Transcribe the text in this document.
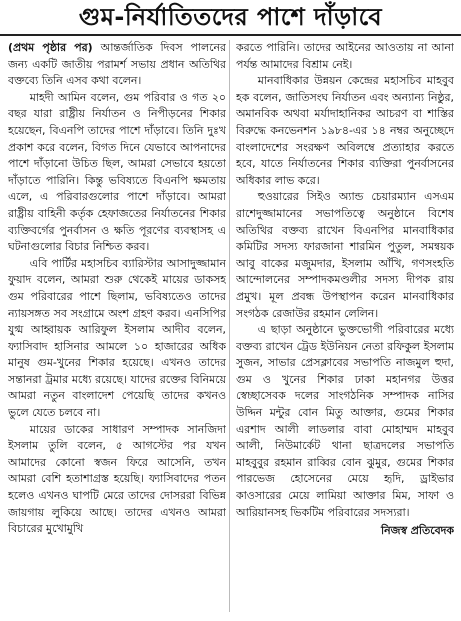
গুম-নির্যাতিতদের পাশে দাঁড়াবে

(প্রথম পৃষ্ঠার পর) আন্তর্জাতিক দিবস পালনের জন্য একটি জাতীয় পরামর্শ সভায় প্রধান অতিথির বক্তব্যে তিনি এসব কথা বলেন।

মাহদী আমিন বলেন, গুম পরিবার ও গত ২০ বছর যারা রাষ্ট্রীয় নির্যাতন ও নিপীড়নের শিকার হয়েছেন, বিএনপি তাদের পাশে দাঁড়াবে। তিনি দুঃখ প্রকাশ করে বলেন, বিগত দিনে যেভাবে আপনাদের পাশে দাঁড়ানো উচিত ছিল, আমরা সেভাবে হয়তো দাঁড়াতে পারিনি। কিন্তু ভবিষ্যতে বিএনপি ক্ষমতায় এলে, এ পরিবারগুলোর পাশে দাঁড়াবে। আমরা রাষ্ট্রীয় বাহিনী কর্তৃক হেফাজতের নির্যাতনের শিকার ব্যক্তিবর্গের পুনর্বাসন ও ক্ষতি পূরণের ব্যবস্থাসহ এ ঘটনাগুলোর বিচার নিশ্চিত করব।

এবি পার্টির মহাসচিব ব্যারিস্টার আসাদুজ্জামান ফুয়াদ বলেন, আমরা শুরু থেকেই মায়ের ডাকসহ গুম পরিবারের পাশে ছিলাম, ভবিষ্যতেও তাদের ন্যায়সঙ্গত সব সংগ্রামে অংশ গ্রহণ করব। এনসিপির যুগ্ম আহ্বায়ক আরিফুল ইসলাম আদীব বলেন, ফ্যাসিবাদ হাসিনার আমলে ১০ হাজারের অধিক মানুষ গুম-খুনের শিকার হয়েছে। এখনও তাদের সন্তানরা ট্রমার মধ্যে রয়েছে। যাদের রক্তের বিনিময়ে আমরা নতুন বাংলাদেশ পেয়েছি তাদের কখনও ভুলে যেতে চলবে না।

মায়ের ডাকের সাধারণ সম্পাদক সানজিদা ইসলাম তুলি বলেন, ৫ আগস্টের পর যখন আমাদের কোনো স্বজন ফিরে আসেনি, তখন আমরা বেশি হতাশাগ্রস্ত হয়েছি। ফ্যাসিবাদের পতন হলেও এখনও ঘাপটি মেরে তাদের দোসররা বিভিন্ন জায়গায় লুকিয়ে আছে। তাদের এখনও আমরা বিচারের মুখোমুখি

করতে পারিনি। তাদের আইনের আওতায় না আনা পর্যন্ত আমাদের বিশ্রাম নেই।

মানবাধিকার উন্নয়ন কেন্দ্রের মহাসচিব মাহবুব হক বলেন, জাতিসংঘ নির্যাতন এবং অন্যান্য নিষ্ঠুর, অমানবিক অথবা মর্যাদাহানিকর আচরণ বা শাস্তির বিরুদ্ধে কনভেনশন ১৯৮৪-এর ১৪ নম্বর অনুচ্ছেদে বাংলাদেশের সংরক্ষণ অবিলম্বে প্রত্যাহার করতে হবে, যাতে নির্যাতনের শিকার ব্যক্তিরা পুনর্বাসনের অধিকার লাভ করে।

হুওয়ারের সিইও অ্যান্ড চেয়ারম্যান এসএম রাশেদুজ্জামানের সভাপতিত্বে অনুষ্ঠানে বিশেষ অতিথির বক্তব্য রাখেন বিএনপির মানবাধিকার কমিটির সদস্য ফারজানা শারমিন পুতুল, সমন্বয়ক আবু বাকের মজুমদার, ইসলাম আঁখি, গণসংহতি আন্দোলনের সম্পাদকমণ্ডলীর সদস্য দীপক রায় প্রমুখ। মূল প্রবন্ধ উপস্থাপন করেন মানবাধিকার সংগঠক রেজাউর রহমান লেলিন।

এ ছাড়া অনুষ্ঠানে ভুক্তভোগী পরিবারের মধ্যে বক্তব্য রাখেন ট্রেড ইউনিয়ন নেতা রফিকুল ইসলাম সুজন, সাভার প্রেসক্লাবের সভাপতি নাজমুল হুদা, গুম ও খুনের শিকার ঢাকা মহানগর উত্তর স্বেচ্ছাসেবক দলের সাংগঠনিক সম্পাদক নাসির উদ্দিন মন্টুর বোন মিতু আক্তার, গুমের শিকার এরশাদ আলী লাডলার বাবা মোহাম্মদ মাহবুব আলী, নিউমার্কেট থানা ছাত্রদলের সভাপতি মাহবুবুর রহমান রাব্বির বোন ঝুমুর, গুমের শিকার পারভেজ হোসেনের মেয়ে হৃদি, ড্রাইভার কাওসারের মেয়ে লামিয়া আক্তার মিম, সাফা ও আরিয়ানসহ ভিকটিম পরিবারের সদস্যরা।

নিজস্ব প্রতিবেদক
